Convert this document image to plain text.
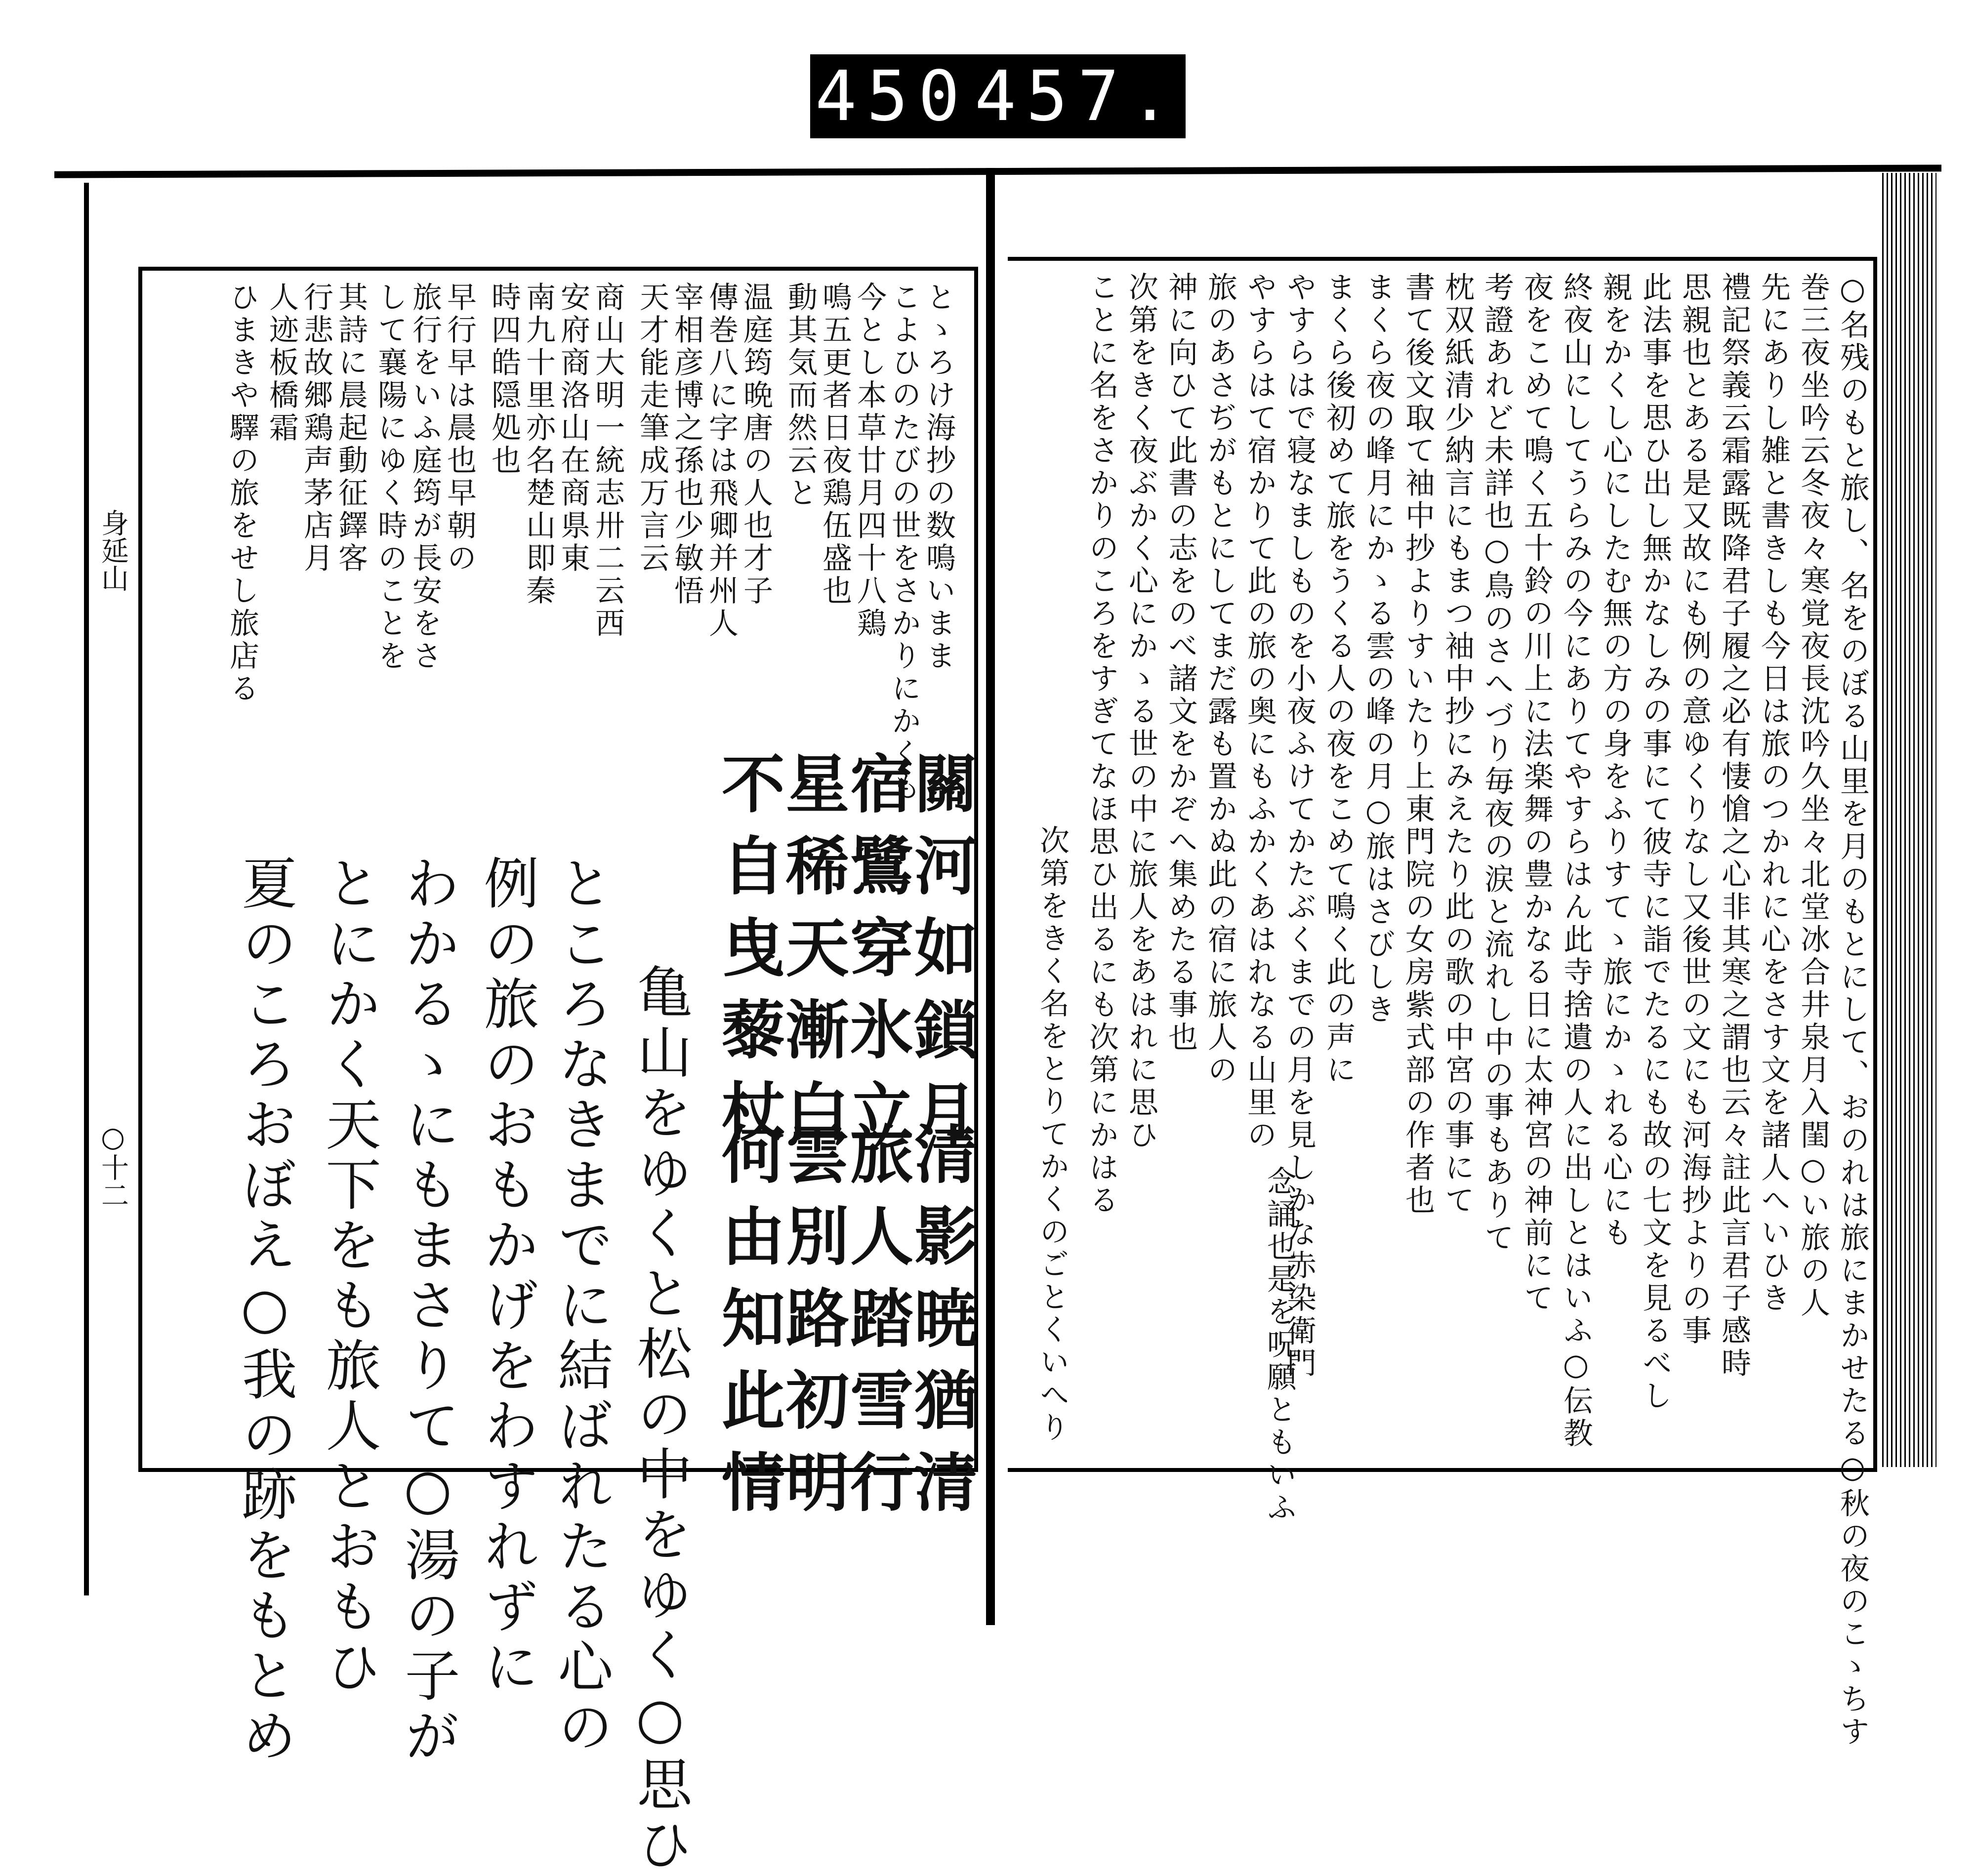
450 457.
とゝろけ海抄の数鳴いまま
こよひのたびの世をさかりにかくも
今とし本草廿月四十八鶏
鳴五更者日夜鶏伍盛也
動其気而然云と
温庭筠晩唐の人也才子
傳巻八に字は飛卿并州人
宰相彦博之孫也少敏悟
天才能走筆成万言云
商山大明一統志卅二云西
安府商洛山在商県東
南九十里亦名楚山即秦
時四皓隠処也
早行早は晨也早朝の
旅行をいふ庭筠が長安をさ
して襄陽にゆく時のことを
其詩に晨起動征鐸客
行悲故郷鶏声茅店月
人迹板橋霜
ひまきや驛の旅をせし旅店る
關河如鎖月
宿鷺穿氷立
星稀天漸白
不自曳藜杖
清影暁猶清
旅人踏雪行
雲別路初明
何由知此情
亀山をゆくと松の中をゆく○思ひ
ところなきまでに結ばれたる心の
例の旅のおもかげをわすれずに
わかるゝにもまさりて○湯の子が
とにかく天下をも旅人とおもひ
夏のころおぼえ○我の跡をもとめ
身延山
○十二	○名残のもと旅し、名をのぼる山里を月のもとにして、おのれは旅にまかせたる○秋の夜のこゝちす
巻三夜坐吟云冬夜々寒覚夜長沈吟久坐々北堂冰合井泉月入閨○い旅の人
先にありし雑と書きしも今日は旅のつかれに心をさす文を諸人へいひき
禮記祭義云霜露既降君子履之必有悽愴之心非其寒之謂也云々註此言君子感時
思親也とある是又故にも例の意ゆくりなし又後世の文にも河海抄よりの事
此法事を思ひ出し無かなしみの事にて彼寺に詣でたるにも故の七文を見るべし
親をかくし心にしたむ無の方の身をふりすてゝ旅にかゝれる心にも
終夜山にしてうらみの今にありてやすらはん此寺捨遺の人に出しとはいふ○伝教
夜をこめて鳴く五十鈴の川上に法楽舞の豊かなる日に太神宮の神前にて
考證あれど未詳也○鳥のさへづり毎夜の涙と流れし中の事もありて
枕双紙清少納言にもまつ袖中抄にみえたり此の歌の中宮の事にて
書て後文取て袖中抄よりすいたり上東門院の女房紫式部の作者也
まくら夜の峰月にかゝる雲の峰の月○旅はさびしき
まくら後初めて旅をうくる人の夜をこめて鳴く此の声に
やすらはで寝なましものを小夜ふけてかたぶくまでの月を見しかな赤染衛門
やすらはて宿かりて此の旅の奥にもふかくあはれなる山里の
旅のあさぢがもとにしてまだ露も置かぬ此の宿に旅人の
神に向ひて此書の志をのべ諸文をかぞへ集めたる事也
次第をきく夜ぶかく心にかゝる世の中に旅人をあはれに思ひ
ことに名をさかりのころをすぎてなほ思ひ出るにも次第にかはる
念誦也是を呪願ともいふ
次第をきく名をとりてかくのごとくいへり
